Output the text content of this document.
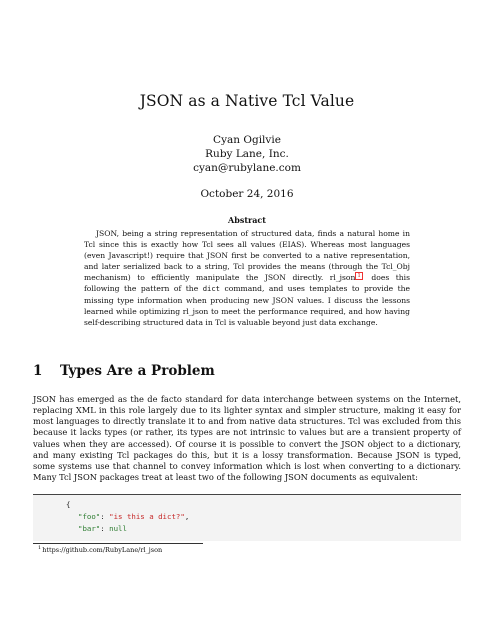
JSON as a Native Tcl Value
Cyan Ogilvie
Ruby Lane, Inc.
cyan@rubylane.com
October 24, 2016
Abstract
JSON, being a string representation of structured data, finds a natural home in Tcl since this is exactly how Tcl sees all values (EIAS). Whereas most languages (even Javascript!) require that JSON first be converted to a native representation, and later serialized back to a string, Tcl provides the means (through the Tcl_Obj mechanism) to efficiently manipulate the JSON directly. rl_json $^1$ does this following the pattern of the dict command, and uses templates to provide the missing type information when producing new JSON values. I discuss the lessons learned while optimizing rl_json to meet the performance required, and how having self-describing structured data in Tcl is valuable beyond just data exchange.
1 Types Are a Problem
JSON has emerged as the de facto standard for data interchange between systems on the Internet, replacing XML in this role largely due to its lighter syntax and simpler structure, making it easy for most languages to directly translate it to and from native data structures. Tcl was excluded from this because it lacks types (or rather, its types are not intrinsic to values but are a transient property of values when they are accessed). Of course it is possible to convert the JSON object to a dictionary, and many existing Tcl packages do this, but it is a lossy transformation. Because JSON is typed, some systems use that channel to convey information which is lost when converting to a dictionary. Many Tcl JSON packages treat at least two of the following JSON documents as equivalent:
{
"foo": "is this a dict?",
"bar": null
$^1$https://github.com/RubyLane/rl_json
